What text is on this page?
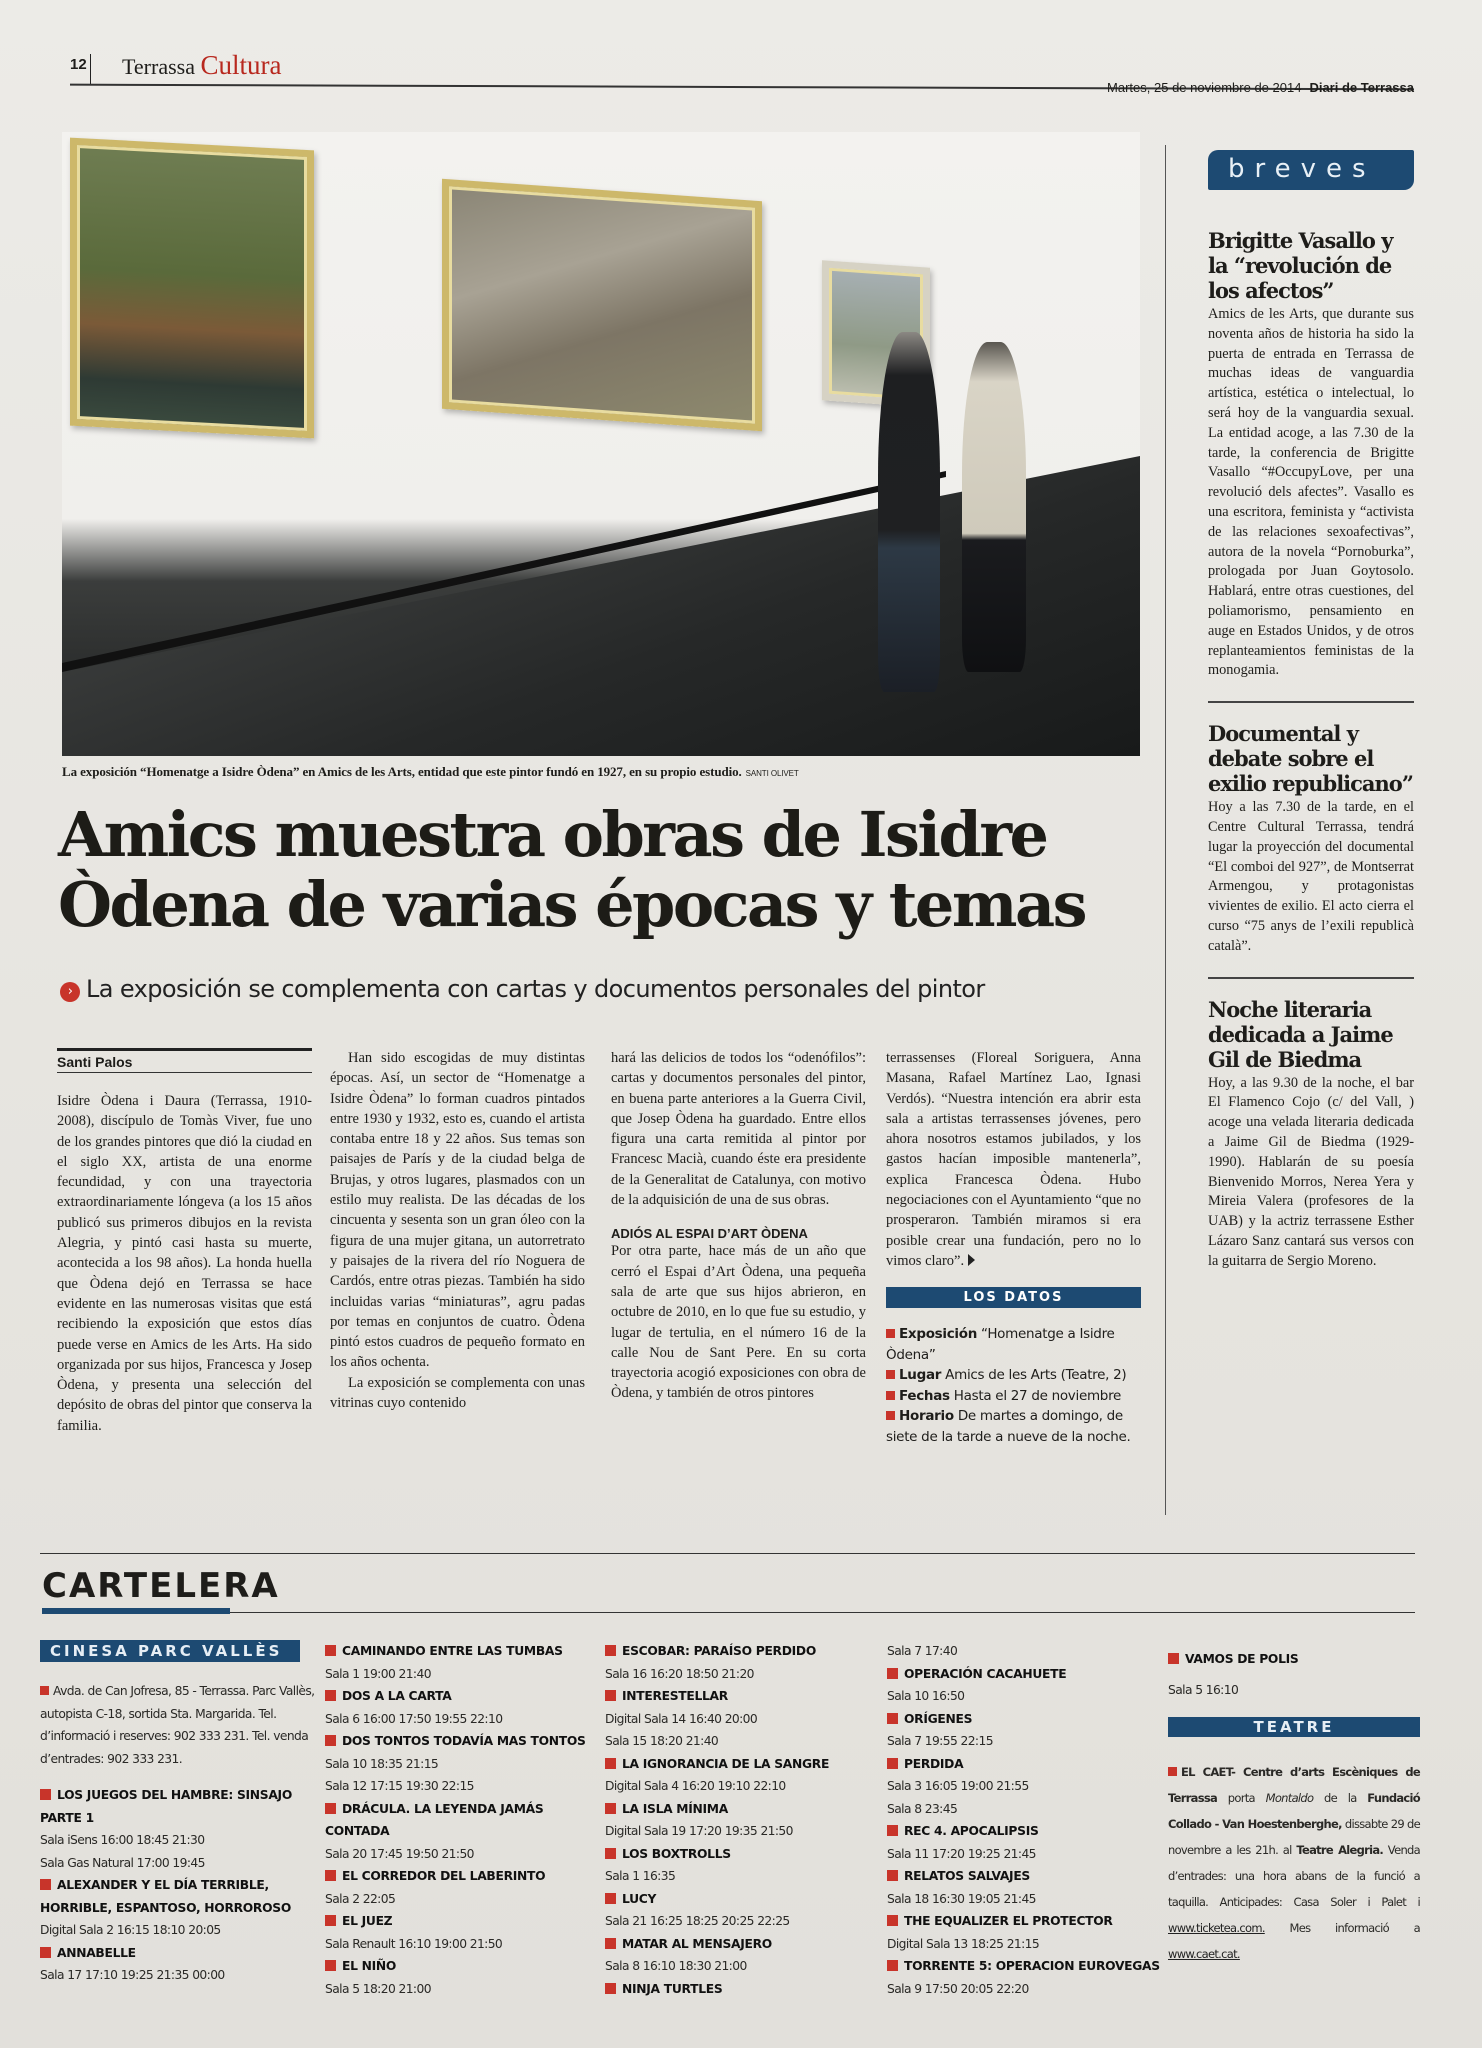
12 Terrassa Cultura
Martes, 25 de noviembre de 2014 Diari de Terrassa
La exposición “Homenatge a Isidre Òdena” en Amics de les Arts, entidad que este pintor fundó en 1927, en su propio estudio. SANTI OLIVET
Amics muestra obras de Isidre
Òdena de varias épocas y temas
› La exposición se complementa con cartas y documentos personales del pintor
Santi Palos

Isidre Òdena i Daura (Terrassa, 1910-2008), discípulo de Tomàs Viver, fue uno de los grandes pintores que dió la ciudad en el siglo XX, artista de una enorme fecundidad, y con una trayectoria extraordinariamente lóngeva (a los 15 años publicó sus primeros dibujos en la revista Alegria, y pintó casi hasta su muerte, acontecida a los 98 años). La honda huella que Òdena dejó en Terrassa se hace evidente en las numerosas visitas que está recibiendo la exposición que estos días puede verse en Amics de les Arts. Ha sido organizada por sus hijos, Francesca y Josep Òdena, y presenta una selección del depósito de obras del pintor que conserva la familia.

Han sido escogidas de muy distintas épocas. Así, un sector de “Homenatge a Isidre Òdena” lo forman cuadros pintados entre 1930 y 1932, esto es, cuando el artista contaba entre 18 y 22 años. Sus temas son paisajes de París y de la ciudad belga de Brujas, y otros lugares, plasmados con un estilo muy realista. De las décadas de los cincuenta y sesenta son un gran óleo con la figura de una mujer gitana, un autorretrato y paisajes de la rivera del río Noguera de Cardós, entre otras piezas. También ha sido incluidas varias “miniaturas”, agru padas por temas en conjuntos de cuatro. Òdena pintó estos cuadros de pequeño formato en los años ochenta.

La exposición se complementa con unas vitrinas cuyo contenido

hará las delicios de todos los “odenófilos”: cartas y documentos personales del pintor, en buena parte anteriores a la Guerra Civil, que Josep Òdena ha guardado. Entre ellos figura una carta remitida al pintor por Francesc Macià, cuando éste era presidente de la Generalitat de Catalunya, con motivo de la adquisición de una de sus obras.

ADIÓS AL ESPAI D’ART ÒDENA

Por otra parte, hace más de un año que cerró el Espai d’Art Òdena, una pequeña sala de arte que sus hijos abrieron, en octubre de 2010, en lo que fue su estudio, y lugar de tertulia, en el número 16 de la calle Nou de Sant Pere. En su corta trayectoria acogió exposiciones con obra de Òdena, y también de otros pintores

terrassenses (Floreal Soriguera, Anna Masana, Rafael Martínez Lao, Ignasi Verdós). “Nuestra intención era abrir esta sala a artistas terrassenses jóvenes, pero ahora nosotros estamos jubilados, y los gastos hacían imposible mantenerla”, explica Francesca Òdena. Hubo negociaciones con el Ayuntamiento “que no prosperaron. También miramos si era posible crear una fundación, pero no lo vimos claro”.

LOS DATOS
Exposición “Homenatge a Isidre Òdena”
Lugar Amics de les Arts (Teatre, 2)
Fechas Hasta el 27 de noviembre
Horario De martes a domingo, de siete de la tarde a nueve de la noche.
breves
Brigitte Vasallo y la “revolución de los afectos”

Amics de les Arts, que durante sus noventa años de historia ha sido la puerta de entrada en Terrassa de muchas ideas de vanguardia artística, estética o intelectual, lo será hoy de la vanguardia sexual. La entidad acoge, a las 7.30 de la tarde, la conferencia de Brigitte Vasallo “#OccupyLove, per una revolució dels afectes”. Vasallo es una escritora, feminista y “activista de las relaciones sexoafectivas”, autora de la novela “Pornoburka”, prologada por Juan Goytosolo. Hablará, entre otras cuestiones, del poliamorismo, pensamiento en auge en Estados Unidos, y de otros replanteamientos feministas de la monogamia.

Documental y debate sobre el exilio republicano”

Hoy a las 7.30 de la tarde, en el Centre Cultural Terrassa, tendrá lugar la proyección del documental “El comboi del 927”, de Montserrat Armengou, y protagonistas vivientes de exilio. El acto cierra el curso “75 anys de l’exili republicà català”.

Noche literaria dedicada a Jaime Gil de Biedma

Hoy, a las 9.30 de la noche, el bar El Flamenco Cojo (c/ del Vall, ) acoge una velada literaria dedicada a Jaime Gil de Biedma (1929-1990). Hablarán de su poesía Bienvenido Morros, Nerea Yera y Mireia Valera (profesores de la UAB) y la actriz terrassene Esther Lázaro Sanz cantará sus versos con la guitarra de Sergio Moreno.

CARTELERA
CINESA PARC VALLÈS
Avda. de Can Jofresa, 85 - Terrassa. Parc Vallès, autopista C-18, sortida Sta. Margarida. Tel. d’informació i reserves: 902 333 231. Tel. venda d’entrades: 902 333 231.
LOS JUEGOS DEL HAMBRE: SINSAJO PARTE 1
Sala iSens 16:00 18:45 21:30
Sala Gas Natural 17:00 19:45
ALEXANDER Y EL DÍA TERRIBLE, HORRIBLE, ESPANTOSO, HORROROSO
Digital Sala 2 16:15 18:10 20:05
ANNABELLE
Sala 17 17:10 19:25 21:35 00:00
CAMINANDO ENTRE LAS TUMBAS
Sala 1 19:00 21:40
DOS A LA CARTA
Sala 6 16:00 17:50 19:55 22:10
DOS TONTOS TODAVÍA MAS TONTOS
Sala 10 18:35 21:15
Sala 12 17:15 19:30 22:15
DRÁCULA. LA LEYENDA JAMÁS CONTADA
Sala 20 17:45 19:50 21:50
EL CORREDOR DEL LABERINTO
Sala 2 22:05
EL JUEZ
Sala Renault 16:10 19:00 21:50
EL NIÑO
Sala 5 18:20 21:00
ESCOBAR: PARAÍSO PERDIDO
Sala 16 16:20 18:50 21:20
INTERESTELLAR
Digital Sala 14 16:40 20:00
Sala 15 18:20 21:40
LA IGNORANCIA DE LA SANGRE
Digital Sala 4 16:20 19:10 22:10
LA ISLA MÍNIMA
Digital Sala 19 17:20 19:35 21:50
LOS BOXTROLLS
Sala 1 16:35
LUCY
Sala 21 16:25 18:25 20:25 22:25
MATAR AL MENSAJERO
Sala 8 16:10 18:30 21:00
NINJA TURTLES
Sala 7 17:40
OPERACIÓN CACAHUETE
Sala 10 16:50
ORÍGENES
Sala 7 19:55 22:15
PERDIDA
Sala 3 16:05 19:00 21:55
Sala 8 23:45
REC 4. APOCALIPSIS
Sala 11 17:20 19:25 21:45
RELATOS SALVAJES
Sala 18 16:30 19:05 21:45
THE EQUALIZER EL PROTECTOR
Digital Sala 13 18:25 21:15
TORRENTE 5: OPERACION EUROVEGAS
Sala 9 17:50 20:05 22:20
VAMOS DE POLIS
Sala 5 16:10
TEATRE
EL CAET- Centre d’arts Escèniques de Terrassa porta Montaldo de la Fundació Collado - Van Hoestenberghe, dissabte 29 de novembre a les 21h. al Teatre Alegria. Venda d’entrades: una hora abans de la funció a taquilla. Anticipades: Casa Soler i Palet i www.ticketea.com. Mes informació a www.caet.cat.
